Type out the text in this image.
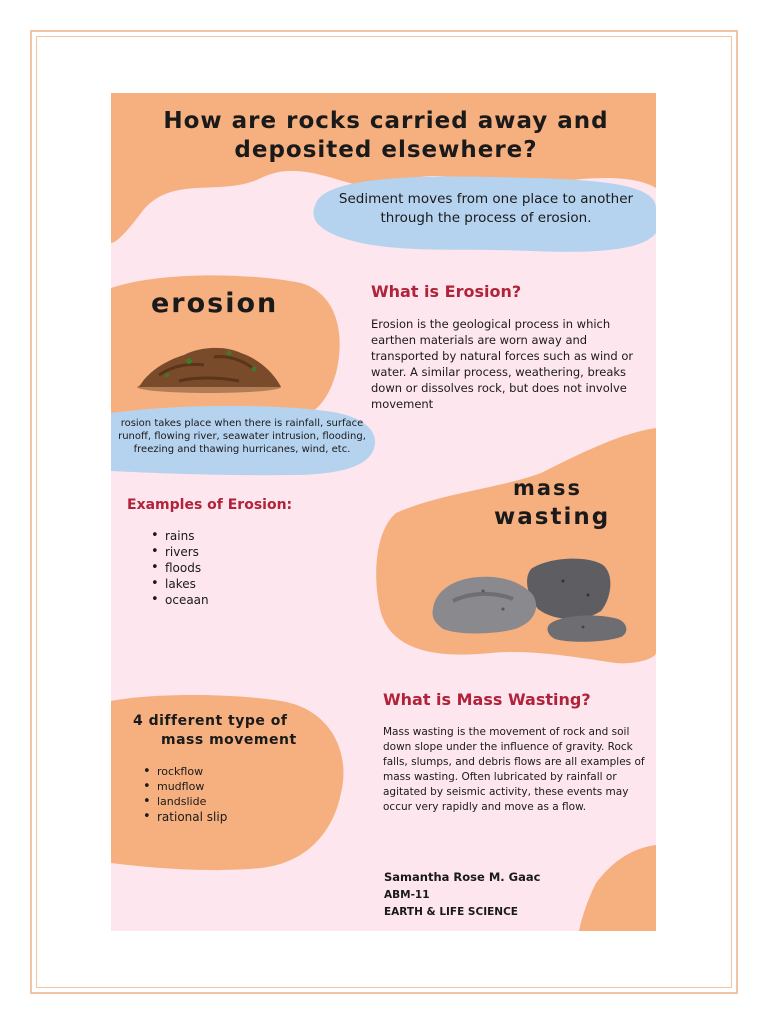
How are rocks carried away and deposited elsewhere?
Sediment moves from one place to another through the process of erosion.
erosion
rosion takes place when there is rainfall, surface runoff, flowing river, seawater intrusion, flooding, freezing and thawing hurricanes, wind, etc.
What is Erosion?
Erosion is the geological process in which earthen materials are worn away and transported by natural forces such as wind or water. A similar process, weathering, breaks down or dissolves rock, but does not involve movement
Examples of Erosion:
• rains
• rivers
• floods
• lakes
• oceaan
mass
wasting
What is Mass Wasting?
Mass wasting is the movement of rock and soil down slope under the influence of gravity. Rock falls, slumps, and debris flows are all examples of mass wasting. Often lubricated by rainfall or agitated by seismic activity, these events may occur very rapidly and move as a flow.
4 different type of
mass movement
• rockflow
• mudflow
• landslide
• rational slip
Samantha Rose M. Gaac
ABM-11
EARTH & LIFE SCIENCE
